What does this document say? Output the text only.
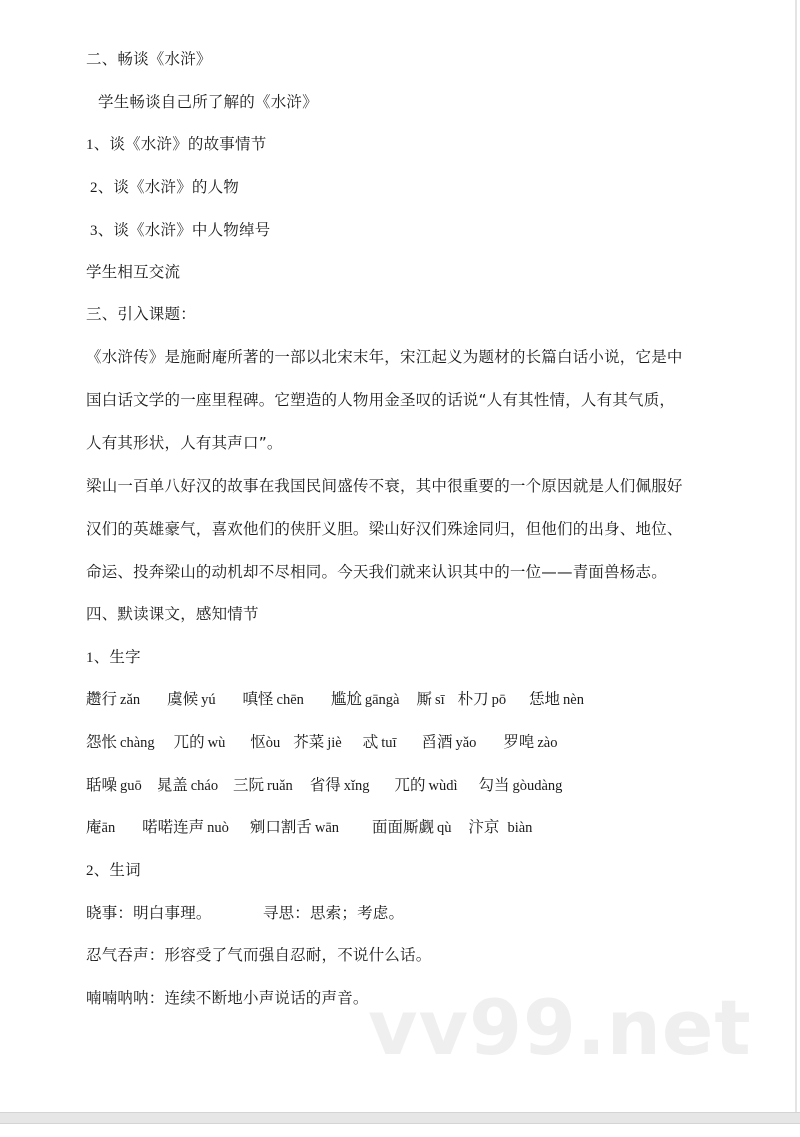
二、畅谈《水浒》
学生畅谈自己所了解的《水浒》
1、谈《水浒》的故事情节
2、谈《水浒》的人物
3、谈《水浒》中人物绰号
学生相互交流
三、引入课题：
《水浒传》是施耐庵所著的一部以北宋末年，宋江起义为题材的长篇白话小说，它是中
国白话文学的一座里程碑。它塑造的人物用金圣叹的话说“人有其性情，人有其气质，
人有其形状，人有其声口”。
梁山一百单八好汉的故事在我国民间盛传不衰，其中很重要的一个原因就是人们佩服好
汉们的英雄豪气，喜欢他们的侠肝义胆。梁山好汉们殊途同归，但他们的出身、地位、
命运、投奔梁山的动机却不尽相同。今天我们就来认识其中的一位——青面兽杨志。
四、默读课文，感知情节
1、生字
趱行 zǎn 虞候 yú 嗔怪 chēn 尴尬 gāngà 厮 sī 朴刀 pō 恁地 nèn
怨怅 chàng 兀的 wù 怄òu 芥菜 jiè 忒 tuī 舀酒 yǎo 罗唣 zào
聒噪 guō 晁盖 cháo 三阮 ruǎn 省得 xǐng 兀的 wùdì 勾当 gòudàng
庵ān 喏喏连声 nuò 剜口割舌 wān 面面厮觑 qù 汴京 biàn
2、生词
晓事：明白事理。          寻思：思索；考虑。
忍气吞声：形容受了气而强自忍耐，不说什么话。
喃喃呐呐：连续不断地小声说话的声音。 vv99.net
